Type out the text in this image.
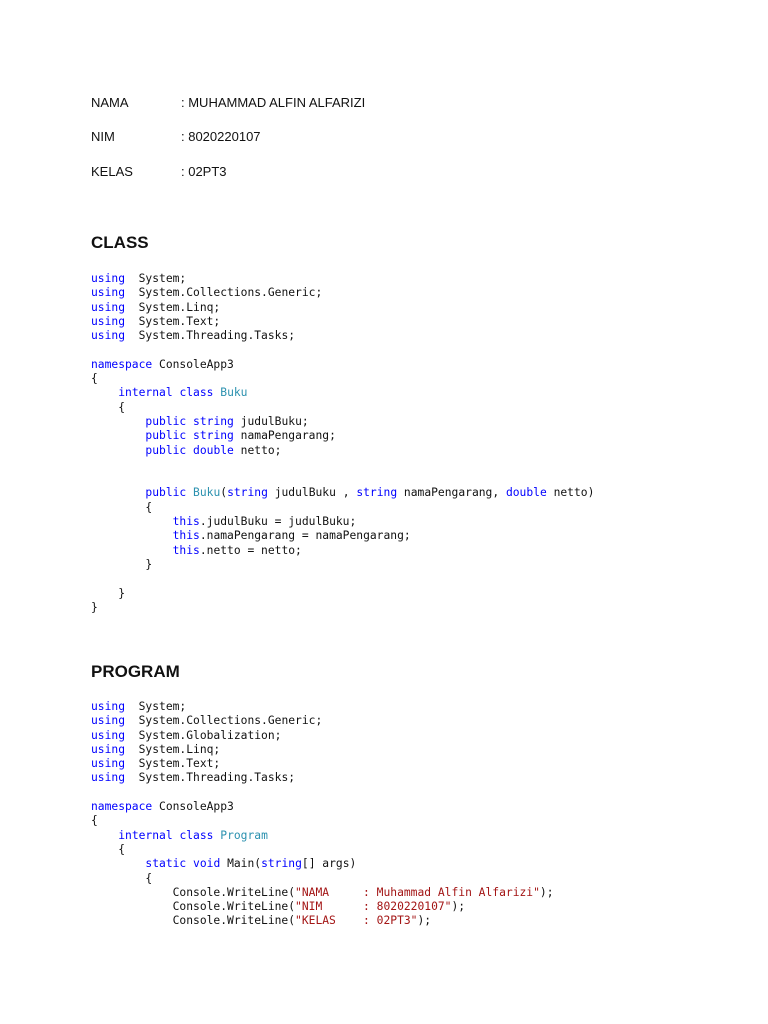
NAMA	: MUHAMMAD ALFIN ALFARIZI
NIM	: 8020220107
KELAS	: 02PT3
CLASS
using  System;
using  System.Collections.Generic;
using  System.Linq;
using  System.Text;
using  System.Threading.Tasks;

namespace ConsoleApp3
{
internal class Buku
{
public string judulBuku;
public string namaPengarang;
public double netto;

public Buku(string judulBuku , string namaPengarang, double netto)
{
this.judulBuku = judulBuku;
this.namaPengarang = namaPengarang;
this.netto = netto;
}

}
}
PROGRAM
using  System;
using  System.Collections.Generic;
using  System.Globalization;
using  System.Linq;
using  System.Text;
using  System.Threading.Tasks;

namespace ConsoleApp3
{
internal class Program
{
static void Main(string[] args)
{
Console.WriteLine("NAMA     : Muhammad Alfin Alfarizi");
Console.WriteLine("NIM      : 8020220107");
Console.WriteLine("KELAS    : 02PT3");
